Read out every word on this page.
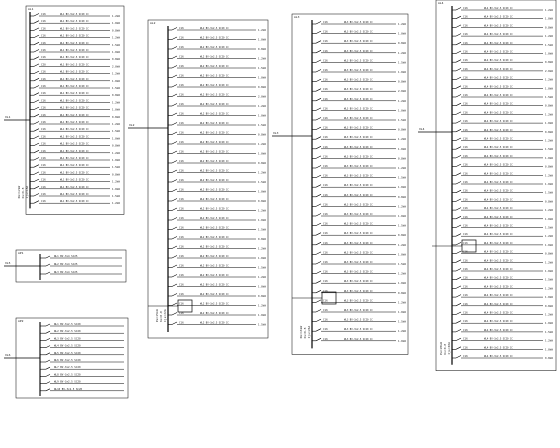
AL1
XL1
C16	WL1 BV-3x2.5 SC20 CC
1.2kW
C16	WL1 BV-3x2.5 SC20 CC
1.0kW
C16	WL1 BV-3x2.5 SC20 CC
0.8kW
C16	WL1 BV-3x2.5 SC20 CC
1.2kW
C16	WL1 BV-3x2.5 SC20 CC
1.5kW
C16	WL1 BV-3x2.5 SC20 CC
1.0kW
C16	WL1 BV-3x2.5 SC20 CC
0.8kW
C20	WL1 BV-3x2.5 SC20 CC
2.0kW
C16	WL1 BV-3x2.5 SC20 CC
1.2kW
C16	WL1 BV-3x2.5 SC20 CC
1.0kW
C16	WL1 BV-3x2.5 SC20 CC
1.5kW
C16	WL1 BV-3x2.5 SC20 CC
0.8kW
C16	WL1 BV-3x2.5 SC20 CC
1.2kW
C16	WL1 BV-3x2.5 SC20 CC
1.0kW
C16	WL1 BV-3x2.5 SC20 CC
0.8kW
C16	WL1 BV-3x2.5 SC20 CC
1.2kW
C16	WL1 BV-3x2.5 SC20 CC
1.5kW
C16	WL1 BV-3x2.5 SC20 CC
1.0kW
C16	WL1 BV-3x2.5 SC20 CC
0.8kW
C16	WL1 BV-3x2.5 SC20 CC
1.2kW
C16	WL1 BV-3x2.5 SC20 CC
1.0kW
C16	WL1 BV-3x2.5 SC20 CC
1.5kW
C16	WL1 BV-3x2.5 SC20 CC
0.8kW
C16	WL1 BV-3x2.5 SC20 CC
1.2kW
C16	WL1 BV-3x2.5 SC20 CC
1.0kW
C16	WL1 BV-3x2.5 SC20 CC
1.5kW
C16	WL1 BV-3x2.5 SC20 CC
1.2kW
Pe=12kW Kx=0.8 Ijs=18A
AL2
XL2
C16	WL2 BV-3x2.5 SC20 CC
1.2kW
C16	WL2 BV-3x2.5 SC20 CC
1.0kW
C16	WL2 BV-3x2.5 SC20 CC
0.8kW
C16	WL2 BV-3x2.5 SC20 CC
1.2kW
C16	WL2 BV-3x2.5 SC20 CC
1.5kW
C16	WL2 BV-3x2.5 SC20 CC
1.0kW
C16	WL2 BV-3x2.5 SC20 CC
0.8kW
C16	WL2 BV-3x2.5 SC20 CC
2.0kW
C16	WL2 BV-3x2.5 SC20 CC
1.2kW
C16	WL2 BV-3x2.5 SC20 CC
1.0kW
C16	WL2 BV-3x2.5 SC20 CC
1.5kW
C16	WL2 BV-3x2.5 SC20 CC
0.8kW
C16	WL2 BV-3x2.5 SC20 CC
1.2kW
C16	WL2 BV-3x2.5 SC20 CC
1.0kW
C16	WL2 BV-3x2.5 SC20 CC
0.8kW
C16	WL2 BV-3x2.5 SC20 CC
1.2kW
C16	WL2 BV-3x2.5 SC20 CC
1.5kW
C16	WL2 BV-3x2.5 SC20 CC
1.0kW
C16	WL2 BV-3x2.5 SC20 CC
0.8kW
C16	WL2 BV-3x2.5 SC20 CC
1.2kW
C16	WL2 BV-3x2.5 SC20 CC
1.0kW
C16	WL2 BV-3x2.5 SC20 CC
1.5kW
C16	WL2 BV-3x2.5 SC20 CC
0.8kW
C16	WL2 BV-3x2.5 SC20 CC
1.2kW
C16	WL2 BV-3x2.5 SC20 CC
1.0kW
C16	WL2 BV-3x2.5 SC20 CC
1.5kW
C16	WL2 BV-3x2.5 SC20 CC
1.2kW
C16	WL2 BV-3x2.5 SC20 CC
1.0kW
C16	WL2 BV-3x2.5 SC20 CC
0.8kW
C16	WL2 BV-3x2.5 SC20 CC
1.2kW
C16	WL2 BV-3x2.5 SC20 CC
1.0kW
C16	WL2 BV-3x2.5 SC20 CC
1.5kW
Pe=15kW Kx=0.8 Ijs=22A
AL3
XL3
C16	WL3 BV-3x2.5 SC20 CC
1.2kW
C16	WL3 BV-3x2.5 SC20 CC
1.0kW
C16	WL3 BV-3x2.5 SC20 CC
0.8kW
C16	WL3 BV-3x2.5 SC20 CC
1.2kW
C16	WL3 BV-3x2.5 SC20 CC
1.5kW
C16	WL3 BV-3x2.5 SC20 CC
1.0kW
C16	WL3 BV-3x2.5 SC20 CC
0.8kW
C16	WL3 BV-3x2.5 SC20 CC
2.0kW
C16	WL3 BV-3x2.5 SC20 CC
1.2kW
C16	WL3 BV-3x2.5 SC20 CC
1.0kW
C16	WL3 BV-3x2.5 SC20 CC
1.5kW
C16	WL3 BV-3x2.5 SC20 CC
0.8kW
C16	WL3 BV-3x2.5 SC20 CC
1.2kW
C16	WL3 BV-3x2.5 SC20 CC
1.0kW
C16	WL3 BV-3x2.5 SC20 CC
0.8kW
C16	WL3 BV-3x2.5 SC20 CC
1.2kW
C16	WL3 BV-3x2.5 SC20 CC
1.5kW
C16	WL3 BV-3x2.5 SC20 CC
1.0kW
C16	WL3 BV-3x2.5 SC20 CC
0.8kW
C16	WL3 BV-3x2.5 SC20 CC
1.2kW
C16	WL3 BV-3x2.5 SC20 CC
1.0kW
C16	WL3 BV-3x2.5 SC20 CC
1.5kW
C16	WL3 BV-3x2.5 SC20 CC
0.8kW
C16	WL3 BV-3x2.5 SC20 CC
1.2kW
C16	WL3 BV-3x2.5 SC20 CC
1.0kW
C16	WL3 BV-3x2.5 SC20 CC
1.5kW
C16	WL3 BV-3x2.5 SC20 CC
1.2kW
C16	WL3 BV-3x2.5 SC20 CC
1.0kW
C16	WL3 BV-3x2.5 SC20 CC
0.8kW
C16	WL3 BV-3x2.5 SC20 CC
1.2kW
C16	WL3 BV-3x2.5 SC20 CC
1.0kW
C16	WL3 BV-3x2.5 SC20 CC
1.5kW
C16	WL3 BV-3x2.5 SC20 CC
1.2kW
C16	WL3 BV-3x2.5 SC20 CC
1.0kW
Pe=16kW Kx=0.8 Ijs=24A
AL4
XL4
C16	WL4 BV-3x2.5 SC20 CC
1.2kW
C16	WL4 BV-3x2.5 SC20 CC
1.0kW
C16	WL4 BV-3x2.5 SC20 CC
0.8kW
C16	WL4 BV-3x2.5 SC20 CC
1.2kW
C16	WL4 BV-3x2.5 SC20 CC
1.5kW
C16	WL4 BV-3x2.5 SC20 CC
1.0kW
C16	WL4 BV-3x2.5 SC20 CC
0.8kW
C16	WL4 BV-3x2.5 SC20 CC
2.0kW
C16	WL4 BV-3x2.5 SC20 CC
1.2kW
C16	WL4 BV-3x2.5 SC20 CC
1.0kW
C16	WL4 BV-3x2.5 SC20 CC
1.5kW
C16	WL4 BV-3x2.5 SC20 CC
0.8kW
C16	WL4 BV-3x2.5 SC20 CC
1.2kW
C16	WL4 BV-3x2.5 SC20 CC
1.0kW
C16	WL4 BV-3x2.5 SC20 CC
0.8kW
C16	WL4 BV-3x2.5 SC20 CC
1.2kW
C16	WL4 BV-3x2.5 SC20 CC
1.5kW
C16	WL4 BV-3x2.5 SC20 CC
1.0kW
C16	WL4 BV-3x2.5 SC20 CC
0.8kW
C16	WL4 BV-3x2.5 SC20 CC
1.2kW
C16	WL4 BV-3x2.5 SC20 CC
1.0kW
C16	WL4 BV-3x2.5 SC20 CC
1.5kW
C16	WL4 BV-3x2.5 SC20 CC
0.8kW
C16	WL4 BV-3x2.5 SC20 CC
1.2kW
C16	WL4 BV-3x2.5 SC20 CC
1.0kW
C16	WL4 BV-3x2.5 SC20 CC
1.5kW
C16	WL4 BV-3x2.5 SC20 CC
1.2kW
C16	WL4 BV-3x2.5 SC20 CC
1.0kW
C16	WL4 BV-3x2.5 SC20 CC
0.8kW
C16	WL4 BV-3x2.5 SC20 CC
1.2kW
C16	WL4 BV-3x2.5 SC20 CC
1.0kW
C16	WL4 BV-3x2.5 SC20 CC
1.5kW
C16	WL4 BV-3x2.5 SC20 CC
1.2kW
C16	WL4 BV-3x2.5 SC20 CC
1.0kW
C16	WL4 BV-3x2.5 SC20 CC
0.8kW
C16	WL4 BV-3x2.5 SC20 CC
1.2kW
C16	WL4 BV-3x2.5 SC20 CC
1.0kW
C16	WL4 BV-3x2.5 SC20 CC
1.5kW
C16	WL4 BV-3x2.5 SC20 CC
1.2kW
C16	WL4 BV-3x2.5 SC20 CC
1.0kW
C16	WL4 BV-3x2.5 SC20 CC
0.8kW
Pe=20kW Kx=0.8 Ijs=30A
AP1
XL5
WL1 BV-3x4 SC25
WL2 BV-3x4 SC25
WL3 BV-3x4 SC25
AP2
XL6
WL1 BV-3x2.5 SC20
WL2 BV-3x2.5 SC20
WL3 BV-3x2.5 SC20
WL4 BV-3x2.5 SC20
WL5 BV-3x2.5 SC20
WL6 BV-3x2.5 SC20
WL7 BV-3x2.5 SC20
WL8 BV-3x2.5 SC20
WL9 BV-3x2.5 SC20
WL10 BV-3x2.5 SC20
